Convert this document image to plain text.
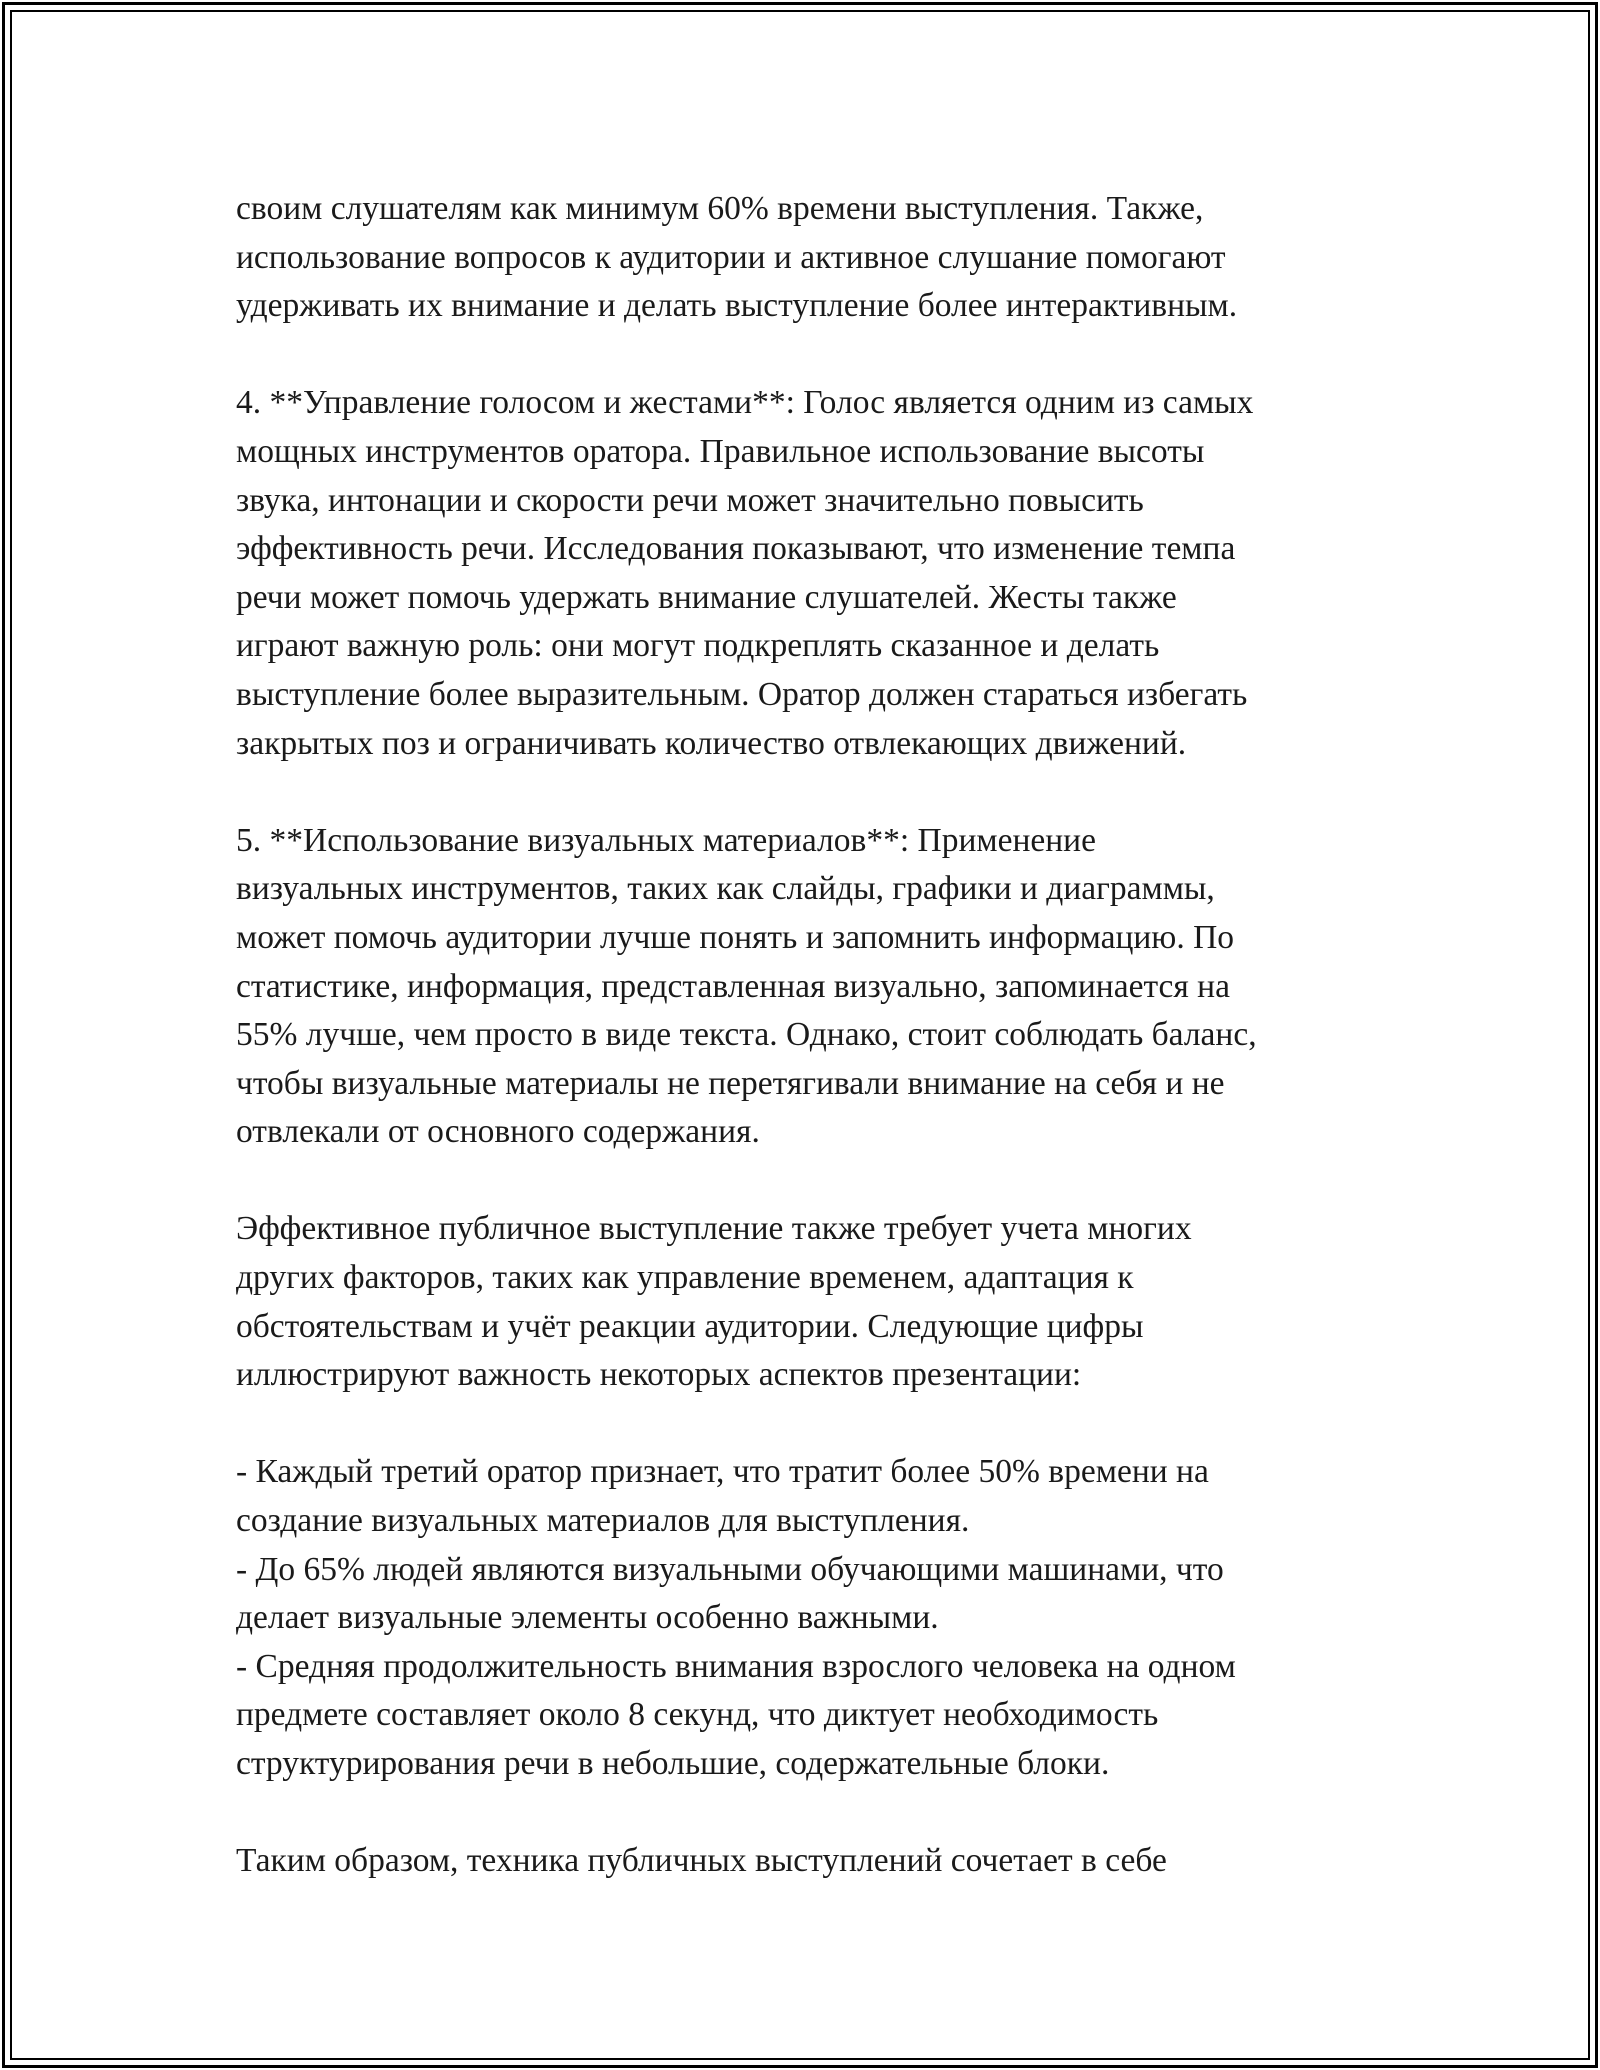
своим слушателям как минимум 60% времени выступления. Также,
использование вопросов к аудитории и активное слушание помогают
удерживать их внимание и делать выступление более интерактивным.

4. **Управление голосом и жестами**: Голос является одним из самых
мощных инструментов оратора. Правильное использование высоты
звука, интонации и скорости речи может значительно повысить
эффективность речи. Исследования показывают, что изменение темпа
речи может помочь удержать внимание слушателей. Жесты также
играют важную роль: они могут подкреплять сказанное и делать
выступление более выразительным. Оратор должен стараться избегать
закрытых поз и ограничивать количество отвлекающих движений.

5. **Использование визуальных материалов**: Применение
визуальных инструментов, таких как слайды, графики и диаграммы,
может помочь аудитории лучше понять и запомнить информацию. По
статистике, информация, представленная визуально, запоминается на
55% лучше, чем просто в виде текста. Однако, стоит соблюдать баланс,
чтобы визуальные материалы не перетягивали внимание на себя и не
отвлекали от основного содержания.

Эффективное публичное выступление также требует учета многих
других факторов, таких как управление временем, адаптация к
обстоятельствам и учёт реакции аудитории. Следующие цифры
иллюстрируют важность некоторых аспектов презентации:

- Каждый третий оратор признает, что тратит более 50% времени на
создание визуальных материалов для выступления.
- До 65% людей являются визуальными обучающими машинами, что
делает визуальные элементы особенно важными.
- Средняя продолжительность внимания взрослого человека на одном
предмете составляет около 8 секунд, что диктует необходимость
структурирования речи в небольшие, содержательные блоки.

Таким образом, техника публичных выступлений сочетает в себе
